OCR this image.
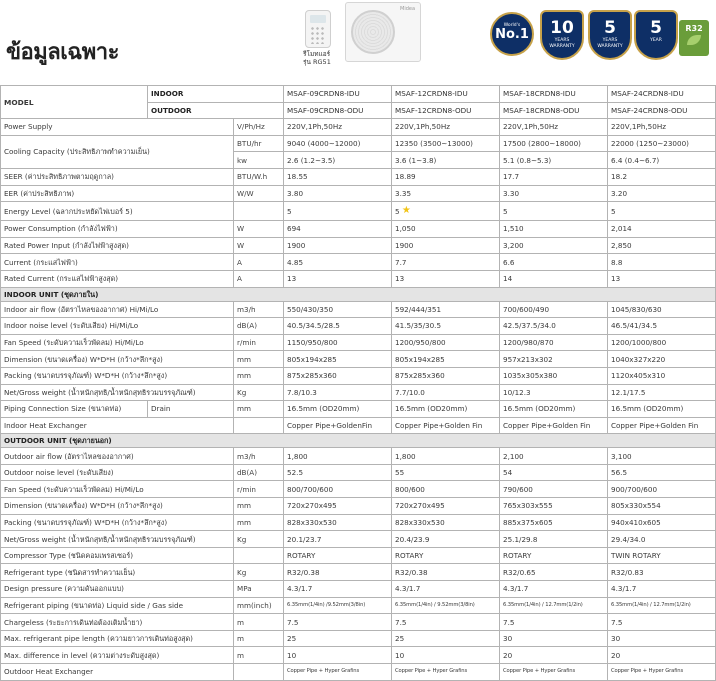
ข้อมูลเฉพาะ	รีโมทแอร์
รุ่น RG51
Midea
World's
No.1	10
YEARS WARRANTY
5
YEARS WARRANTY
5
YEAR
R32
MODEL	INDOOR		MSAF-09CRDN8-IDU	MSAF-12CRDN8-IDU	MSAF-18CRDN8-IDU	MSAF-24CRDN8-IDU
	OUTDOOR		MSAF-09CRDN8-ODU	MSAF-12CRDN8-ODU	MSAF-18CRDN8-ODU	MSAF-24CRDN8-ODU
Power Supply		V/Ph/Hz	220V,1Ph,50Hz	220V,1Ph,50Hz	220V,1Ph,50Hz	220V,1Ph,50Hz
Cooling Capacity (ประสิทธิภาพทำความเย็น)		BTU/hr	9040 (4000~12000)	12350 (3500~13000)	17500 (2800~18000)	22000 (1250~23000)
		kw	2.6 (1.2~3.5)	3.6 (1~3.8)	5.1 (0.8~5.3)	6.4 (0.4~6.7)
SEER (ค่าประสิทธิภาพตามฤดูกาล)		BTU/W.h	18.55	18.89	17.7	18.2
EER (ค่าประสิทธิภาพ)		W/W	3.80	3.35	3.30	3.20
Energy Level (ฉลากประหยัดไฟเบอร์ 5)			5	5 ★	5	5
Power Consumption (กำลังไฟฟ้า)		W	694	1,050	1,510	2,014
Rated Power Input (กำลังไฟฟ้าสูงสุด)		W	1900	1900	3,200	2,850
Current (กระแสไฟฟ้า)		A	4.85	7.7	6.6	8.8
Rated Current (กระแสไฟฟ้าสูงสุด)		A	13	13	14	13
INDOOR UNIT (ชุดภายใน)						
Indoor air flow (อัตราไหลของอากาศ) Hi/Mi/Lo		m3/h	550/430/350	592/444/351	700/600/490	1045/830/630
Indoor noise level (ระดับเสียง) Hi/Mi/Lo		dB(A)	40.5/34.5/28.5	41.5/35/30.5	42.5/37.5/34.0	46.5/41/34.5
Fan Speed (ระดับความเร็วพัดลม) Hi/Mi/Lo		r/min	1150/950/800	1200/950/800	1200/980/870	1200/1000/800
Dimension (ขนาดเครื่อง) W*D*H (กว้าง*ลึก*สูง)		mm	805x194x285	805x194x285	957x213x302	1040x327x220
Packing (ขนาดบรรจุภัณฑ์) W*D*H (กว้าง*ลึก*สูง)		mm	875x285x360	875x285x360	1035x305x380	1120x405x310
Net/Gross weight (น้ำหนักสุทธิ/น้ำหนักสุทธิรวมบรรจุภัณฑ์)		Kg	7.8/10.3	7.7/10.0	10/12.3	12.1/17.5
Piping Connection Size (ขนาดท่อ)	Drain	mm	16.5mm (OD20mm)	16.5mm (OD20mm)	16.5mm (OD20mm)	16.5mm (OD20mm)
Indoor Heat Exchanger			Copper Pipe+GoldenFin	Copper Pipe+Golden Fin	Copper Pipe+Golden Fin	Copper Pipe+Golden Fin
OUTDOOR UNIT (ชุดภายนอก)						
Outdoor air flow (อัตราไหลของอากาศ)		m3/h	1,800	1,800	2,100	3,100
Outdoor noise level (ระดับเสียง)		dB(A)	52.5	55	54	56.5
Fan Speed (ระดับความเร็วพัดลม) Hi/Mi/Lo		r/min	800/700/600	800/600	790/600	900/700/600
Dimension (ขนาดเครื่อง) W*D*H (กว้าง*ลึก*สูง)		mm	720x270x495	720x270x495	765x303x555	805x330x554
Packing (ขนาดบรรจุภัณฑ์) W*D*H (กว้าง*ลึก*สูง)		mm	828x330x530	828x330x530	885x375x605	940x410x605
Net/Gross weight (น้ำหนักสุทธิ/น้ำหนักสุทธิรวมบรรจุภัณฑ์)		Kg	20.1/23.7	20.4/23.9	25.1/29.8	29.4/34.0
Compressor Type (ชนิดคอมเพรสเซอร์)			ROTARY	ROTARY	ROTARY	TWIN ROTARY
Refrigerant type (ชนิดสารทำความเย็น)		Kg	R32/0.38	R32/0.38	R32/0.65	R32/0.83
Design pressure (ความดันออกแบบ)		MPa	4.3/1.7	4.3/1.7	4.3/1.7	4.3/1.7
Refrigerant piping (ขนาดท่อ) Liquid side / Gas side		mm(inch)	6.35mm(1/4in) /9.52mm(3/8in)	6.35mm(1/4in) / 9.52mm(3/8in)	6.35mm(1/4in) / 12.7mm(1/2in)	6.35mm(1/4in) / 12.7mm(1/2in)
Chargeless (ระยะการเดินท่อต้องเติมน้ำยา)		m	7.5	7.5	7.5	7.5
Max. refrigerant pipe length (ความยาวการเดินท่อสูงสุด)		m	25	25	30	30
Max. difference in level (ความต่างระดับสูงสุด)		m	10	10	20	20
Outdoor Heat Exchanger			Copper Pipe + Hyper Grafins	Copper Pipe + Hyper Grafins	Copper Pipe + Hyper Grafins	Copper Pipe + Hyper Grafins
